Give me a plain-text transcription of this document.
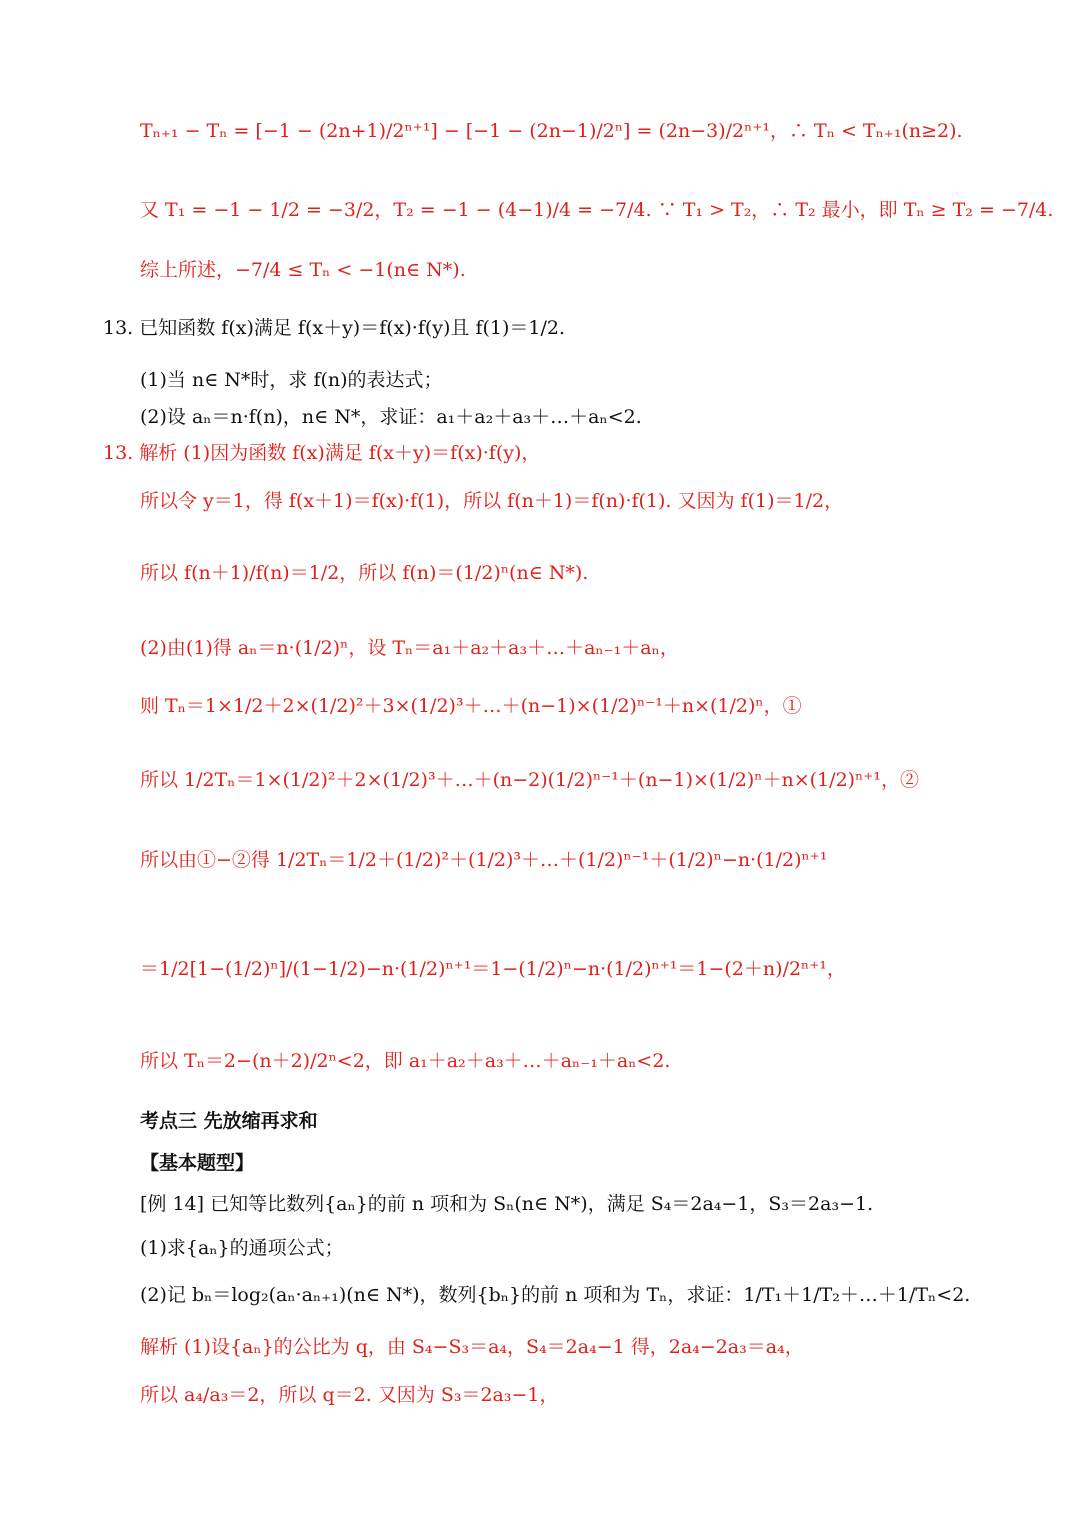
Tₙ₊₁ − Tₙ = [−1 − (2n+1)/2ⁿ⁺¹] − [−1 − (2n−1)/2ⁿ] = (2n−3)/2ⁿ⁺¹，∴ Tₙ < Tₙ₊₁(n≥2).
又 T₁ = −1 − 1/2 = −3/2，T₂ = −1 − (4−1)/4 = −7/4. ∵ T₁ > T₂，∴ T₂ 最小，即 Tₙ ≥ T₂ = −7/4.
综上所述，−7/4 ≤ Tₙ < −1(n∈ N*).
13. 已知函数 f(x)满足 f(x＋y)＝f(x)·f(y)且 f(1)＝1/2.
(1)当 n∈ N*时，求 f(n)的表达式；
(2)设 aₙ＝n·f(n)，n∈ N*，求证：a₁＋a₂＋a₃＋…＋aₙ<2.
13. 解析 (1)因为函数 f(x)满足 f(x＋y)＝f(x)·f(y)，
所以令 y＝1，得 f(x＋1)＝f(x)·f(1)，所以 f(n＋1)＝f(n)·f(1). 又因为 f(1)＝1/2，
所以 f(n＋1)/f(n)＝1/2，所以 f(n)＝(1/2)ⁿ(n∈ N*).
(2)由(1)得 aₙ＝n·(1/2)ⁿ，设 Tₙ＝a₁＋a₂＋a₃＋…＋aₙ₋₁＋aₙ，
则 Tₙ＝1×1/2＋2×(1/2)²＋3×(1/2)³＋…＋(n−1)×(1/2)ⁿ⁻¹＋n×(1/2)ⁿ，①
所以 1/2Tₙ＝1×(1/2)²＋2×(1/2)³＋…＋(n−2)(1/2)ⁿ⁻¹＋(n−1)×(1/2)ⁿ＋n×(1/2)ⁿ⁺¹，②
所以由①−②得 1/2Tₙ＝1/2＋(1/2)²＋(1/2)³＋…＋(1/2)ⁿ⁻¹＋(1/2)ⁿ−n·(1/2)ⁿ⁺¹
＝1/2[1−(1/2)ⁿ]/(1−1/2)−n·(1/2)ⁿ⁺¹＝1−(1/2)ⁿ−n·(1/2)ⁿ⁺¹＝1−(2＋n)/2ⁿ⁺¹，
所以 Tₙ＝2−(n＋2)/2ⁿ<2，即 a₁＋a₂＋a₃＋…＋aₙ₋₁＋aₙ<2.
考点三 先放缩再求和
【基本题型】
[例 14] 已知等比数列{aₙ}的前 n 项和为 Sₙ(n∈ N*)，满足 S₄＝2a₄−1，S₃＝2a₃−1.
(1)求{aₙ}的通项公式；
(2)记 bₙ＝log₂(aₙ·aₙ₊₁)(n∈ N*)，数列{bₙ}的前 n 项和为 Tₙ，求证：1/T₁＋1/T₂＋…＋1/Tₙ<2.
解析 (1)设{aₙ}的公比为 q，由 S₄−S₃＝a₄，S₄＝2a₄−1 得，2a₄−2a₃＝a₄，
所以 a₄/a₃＝2，所以 q＝2. 又因为 S₃＝2a₃−1，
